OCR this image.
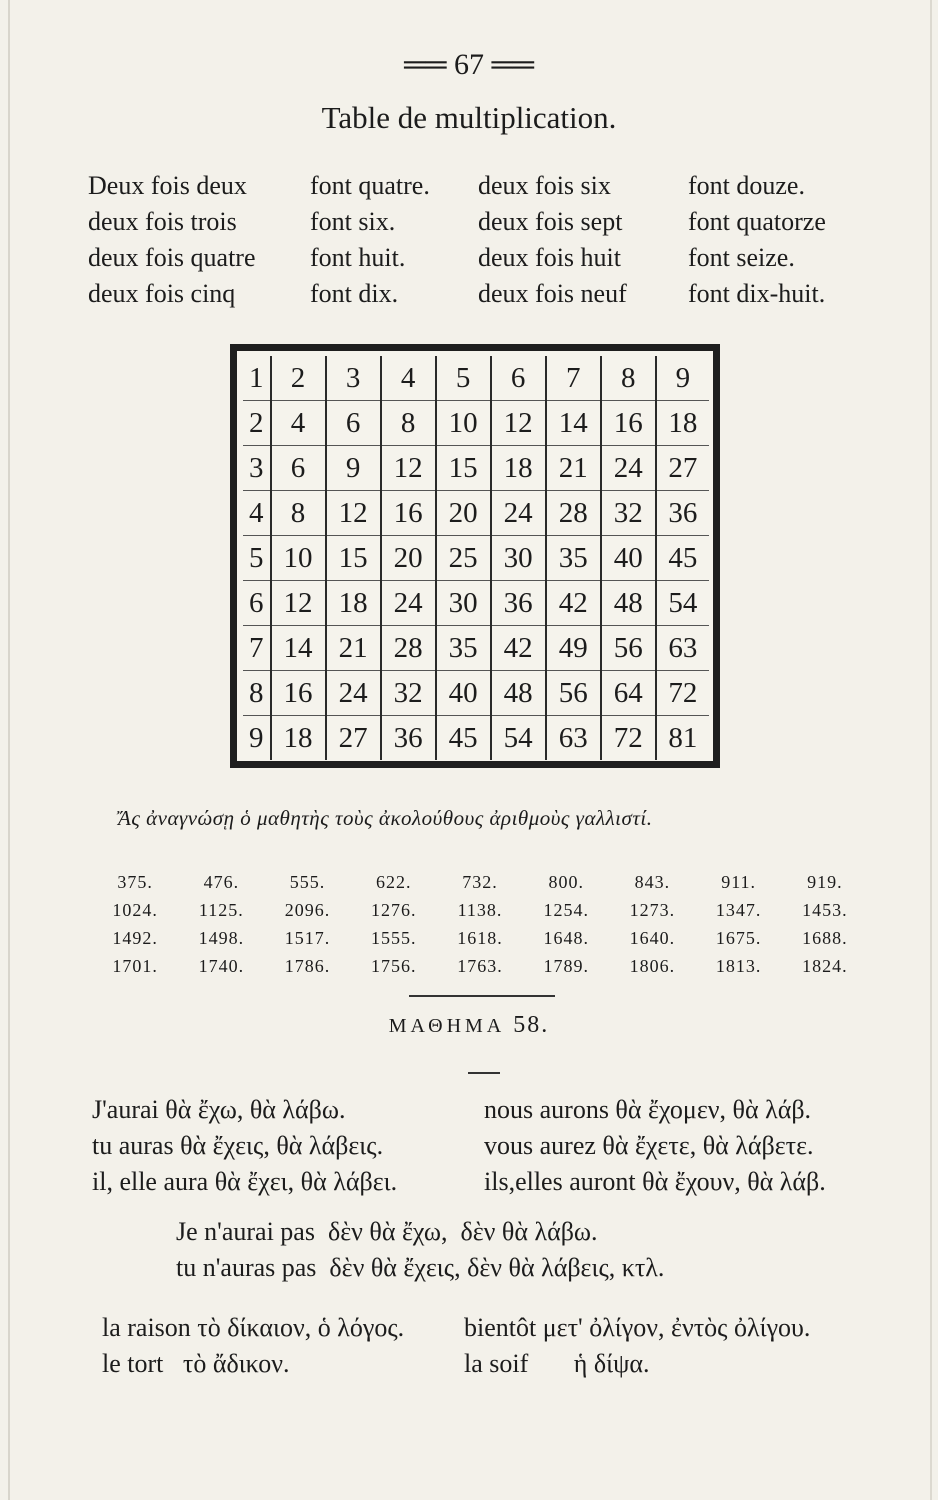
══ 67 ══
Table de multiplication.
Deux fois deux	font quatre.	deux fois six	font douze.
deux fois trois	font six.	deux fois sept	font quatorze
deux fois quatre	font huit.	deux fois huit	font seize.
deux fois cinq	font dix.	deux fois neuf	font dix-huit.
1	2	3	4	5	6	7	8	9
2	4	6	8	10	12	14	16	18
3	6	9	12	15	18	21	24	27
4	8	12	16	20	24	28	32	36
5	10	15	20	25	30	35	40	45
6	12	18	24	30	36	42	48	54
7	14	21	28	35	42	49	56	63
8	16	24	32	40	48	56	64	72
9	18	27	36	45	54	63	72	81
Ἄς ἀναγνώσῃ ὁ μαθητὴς τοὺς ἀκολούθους ἀριθμοὺς γαλλιστί.
375.	476.	555.	622.	732.	800.	843.	911.	919.
1024.	1125.	2096.	1276.	1138.	1254.	1273.	1347.	1453.
1492.	1498.	1517.	1555.	1618.	1648.	1640.	1675.	1688.
1701.	1740.	1786.	1756.	1763.	1789.	1806.	1813.	1824.
ΜΑΘΗΜΑ 58.
J'aurai θὰ ἔχω, θὰ λάβω.	nous aurons θὰ ἔχομεν, θὰ λάβ.
tu auras θὰ ἔχεις, θὰ λάβεις.	vous aurez θὰ ἔχετε, θὰ λάβετε.
il, elle aura θὰ ἔχει, θὰ λάβει.	ils,elles auront θὰ ἔχουν, θὰ λάβ.
Je n'aurai pas  δὲν θὰ ἔχω,  δὲν θὰ λάβω.
tu n'auras pas  δὲν θὰ ἔχεις, δὲν θὰ λάβεις, κτλ.
la raison τὸ δίκαιον, ὁ λόγος.	bientôt μετ' ὀλίγον, ἐντὸς ὀλίγου.
le tort   τὸ ἄδικον.	la soif       ἡ δίψα.
